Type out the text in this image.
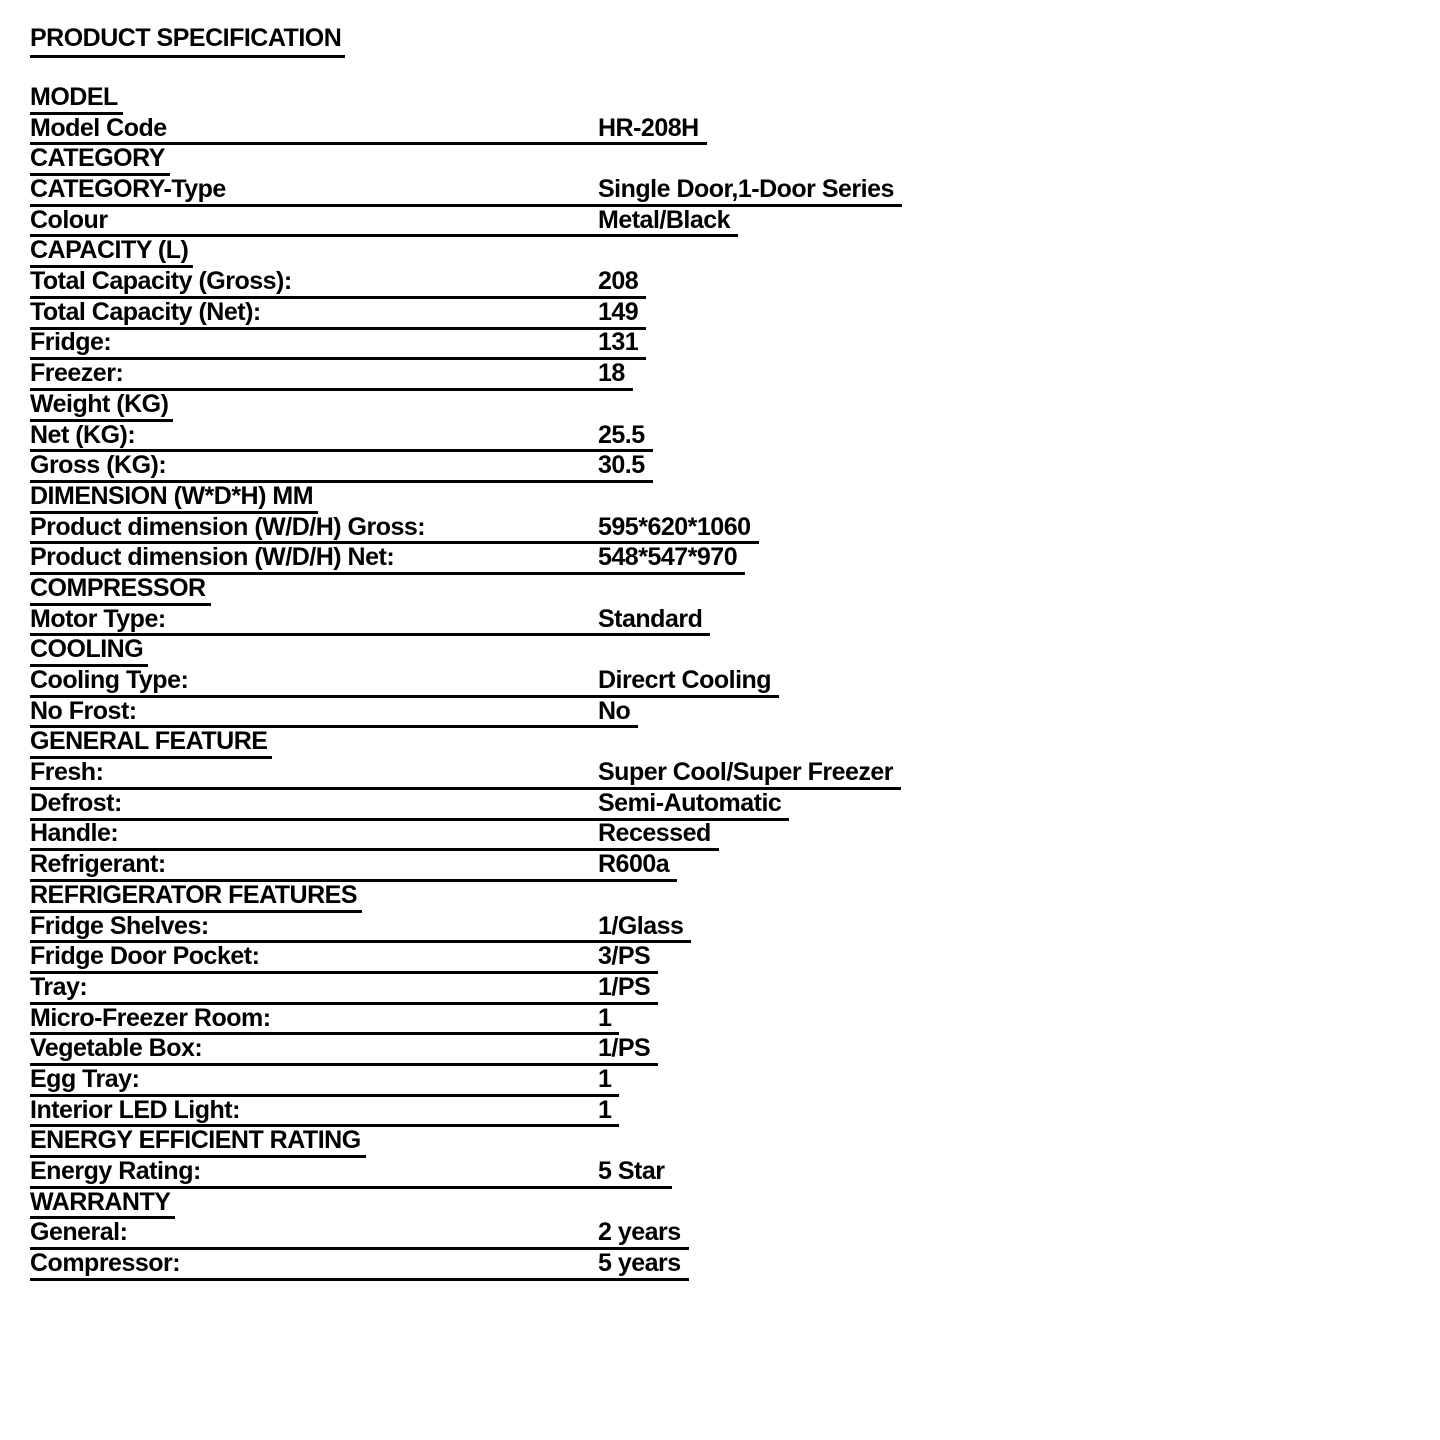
PRODUCT SPECIFICATION
MODEL
Model Code	HR-208H
CATEGORY
CATEGORY-Type	Single Door,1-Door Series
Colour	Metal/Black
CAPACITY (L)
Total Capacity (Gross):	208
Total Capacity (Net):	149
Fridge:	131
Freezer:	18
Weight (KG)
Net (KG):	25.5
Gross (KG):	30.5
DIMENSION (W*D*H) MM
Product dimension (W/D/H) Gross:	595*620*1060
Product dimension (W/D/H) Net:	548*547*970
COMPRESSOR
Motor Type:	Standard
COOLING
Cooling Type:	Direcrt Cooling
No Frost:	No
GENERAL FEATURE
Fresh:	Super Cool/Super Freezer
Defrost:	Semi-Automatic
Handle:	Recessed
Refrigerant:	R600a
REFRIGERATOR FEATURES
Fridge Shelves:	1/Glass
Fridge Door Pocket:	3/PS
Tray:	1/PS
Micro-Freezer Room:	1
Vegetable Box:	1/PS
Egg Tray:	1
Interior LED Light:	1
ENERGY EFFICIENT RATING
Energy Rating:	5 Star
WARRANTY
General:	2 years
Compressor:	5 years
